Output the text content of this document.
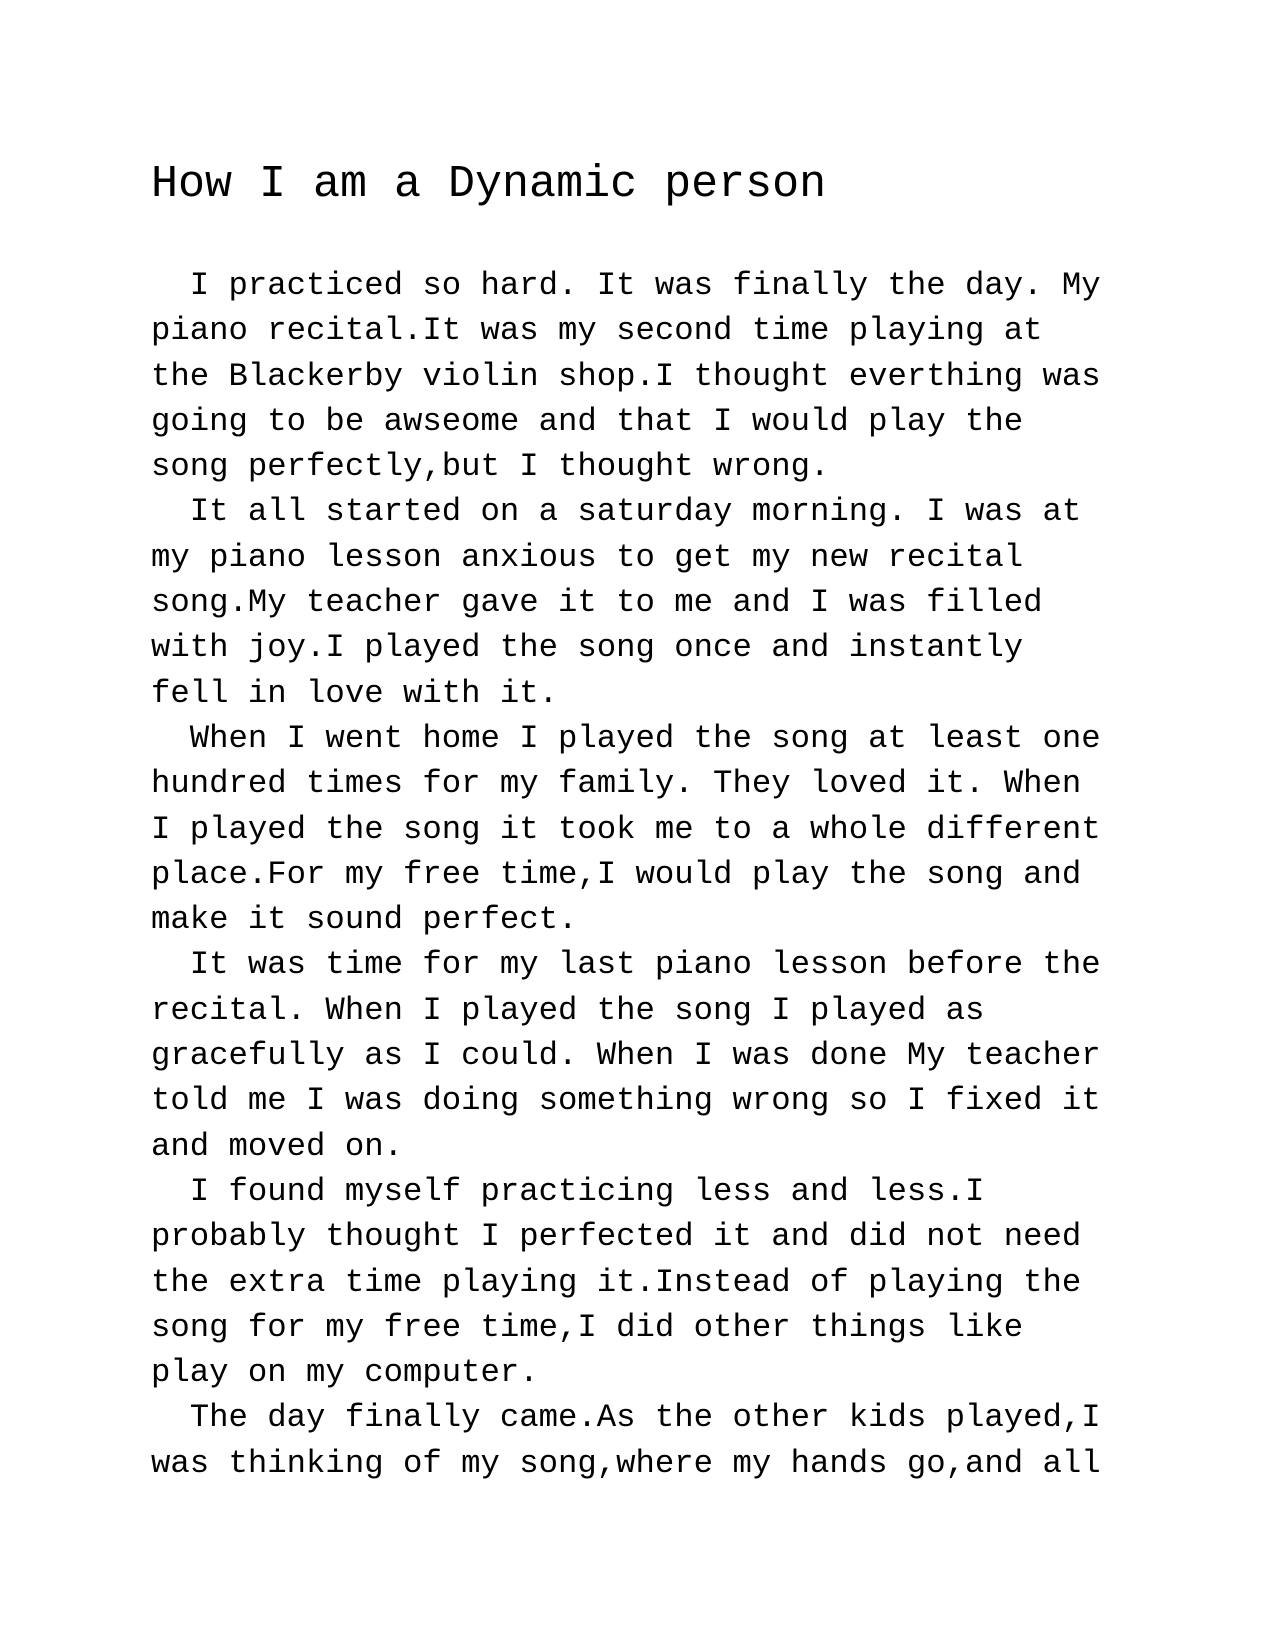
How I am a Dynamic person
I practiced so hard. It was finally the day. My
piano recital.It was my second time playing at
the Blackerby violin shop.I thought everthing was
going to be awseome and that I would play the
song perfectly,but I thought wrong.
It all started on a saturday morning. I was at
my piano lesson anxious to get my new recital
song.My teacher gave it to me and I was filled
with joy.I played the song once and instantly
fell in love with it.
When I went home I played the song at least one
hundred times for my family. They loved it. When
I played the song it took me to a whole different
place.For my free time,I would play the song and
make it sound perfect.
It was time for my last piano lesson before the
recital. When I played the song I played as
gracefully as I could. When I was done My teacher
told me I was doing something wrong so I fixed it
and moved on.
I found myself practicing less and less.I
probably thought I perfected it and did not need
the extra time playing it.Instead of playing the
song for my free time,I did other things like
play on my computer.
The day finally came.As the other kids played,I
was thinking of my song,where my hands go,and all
